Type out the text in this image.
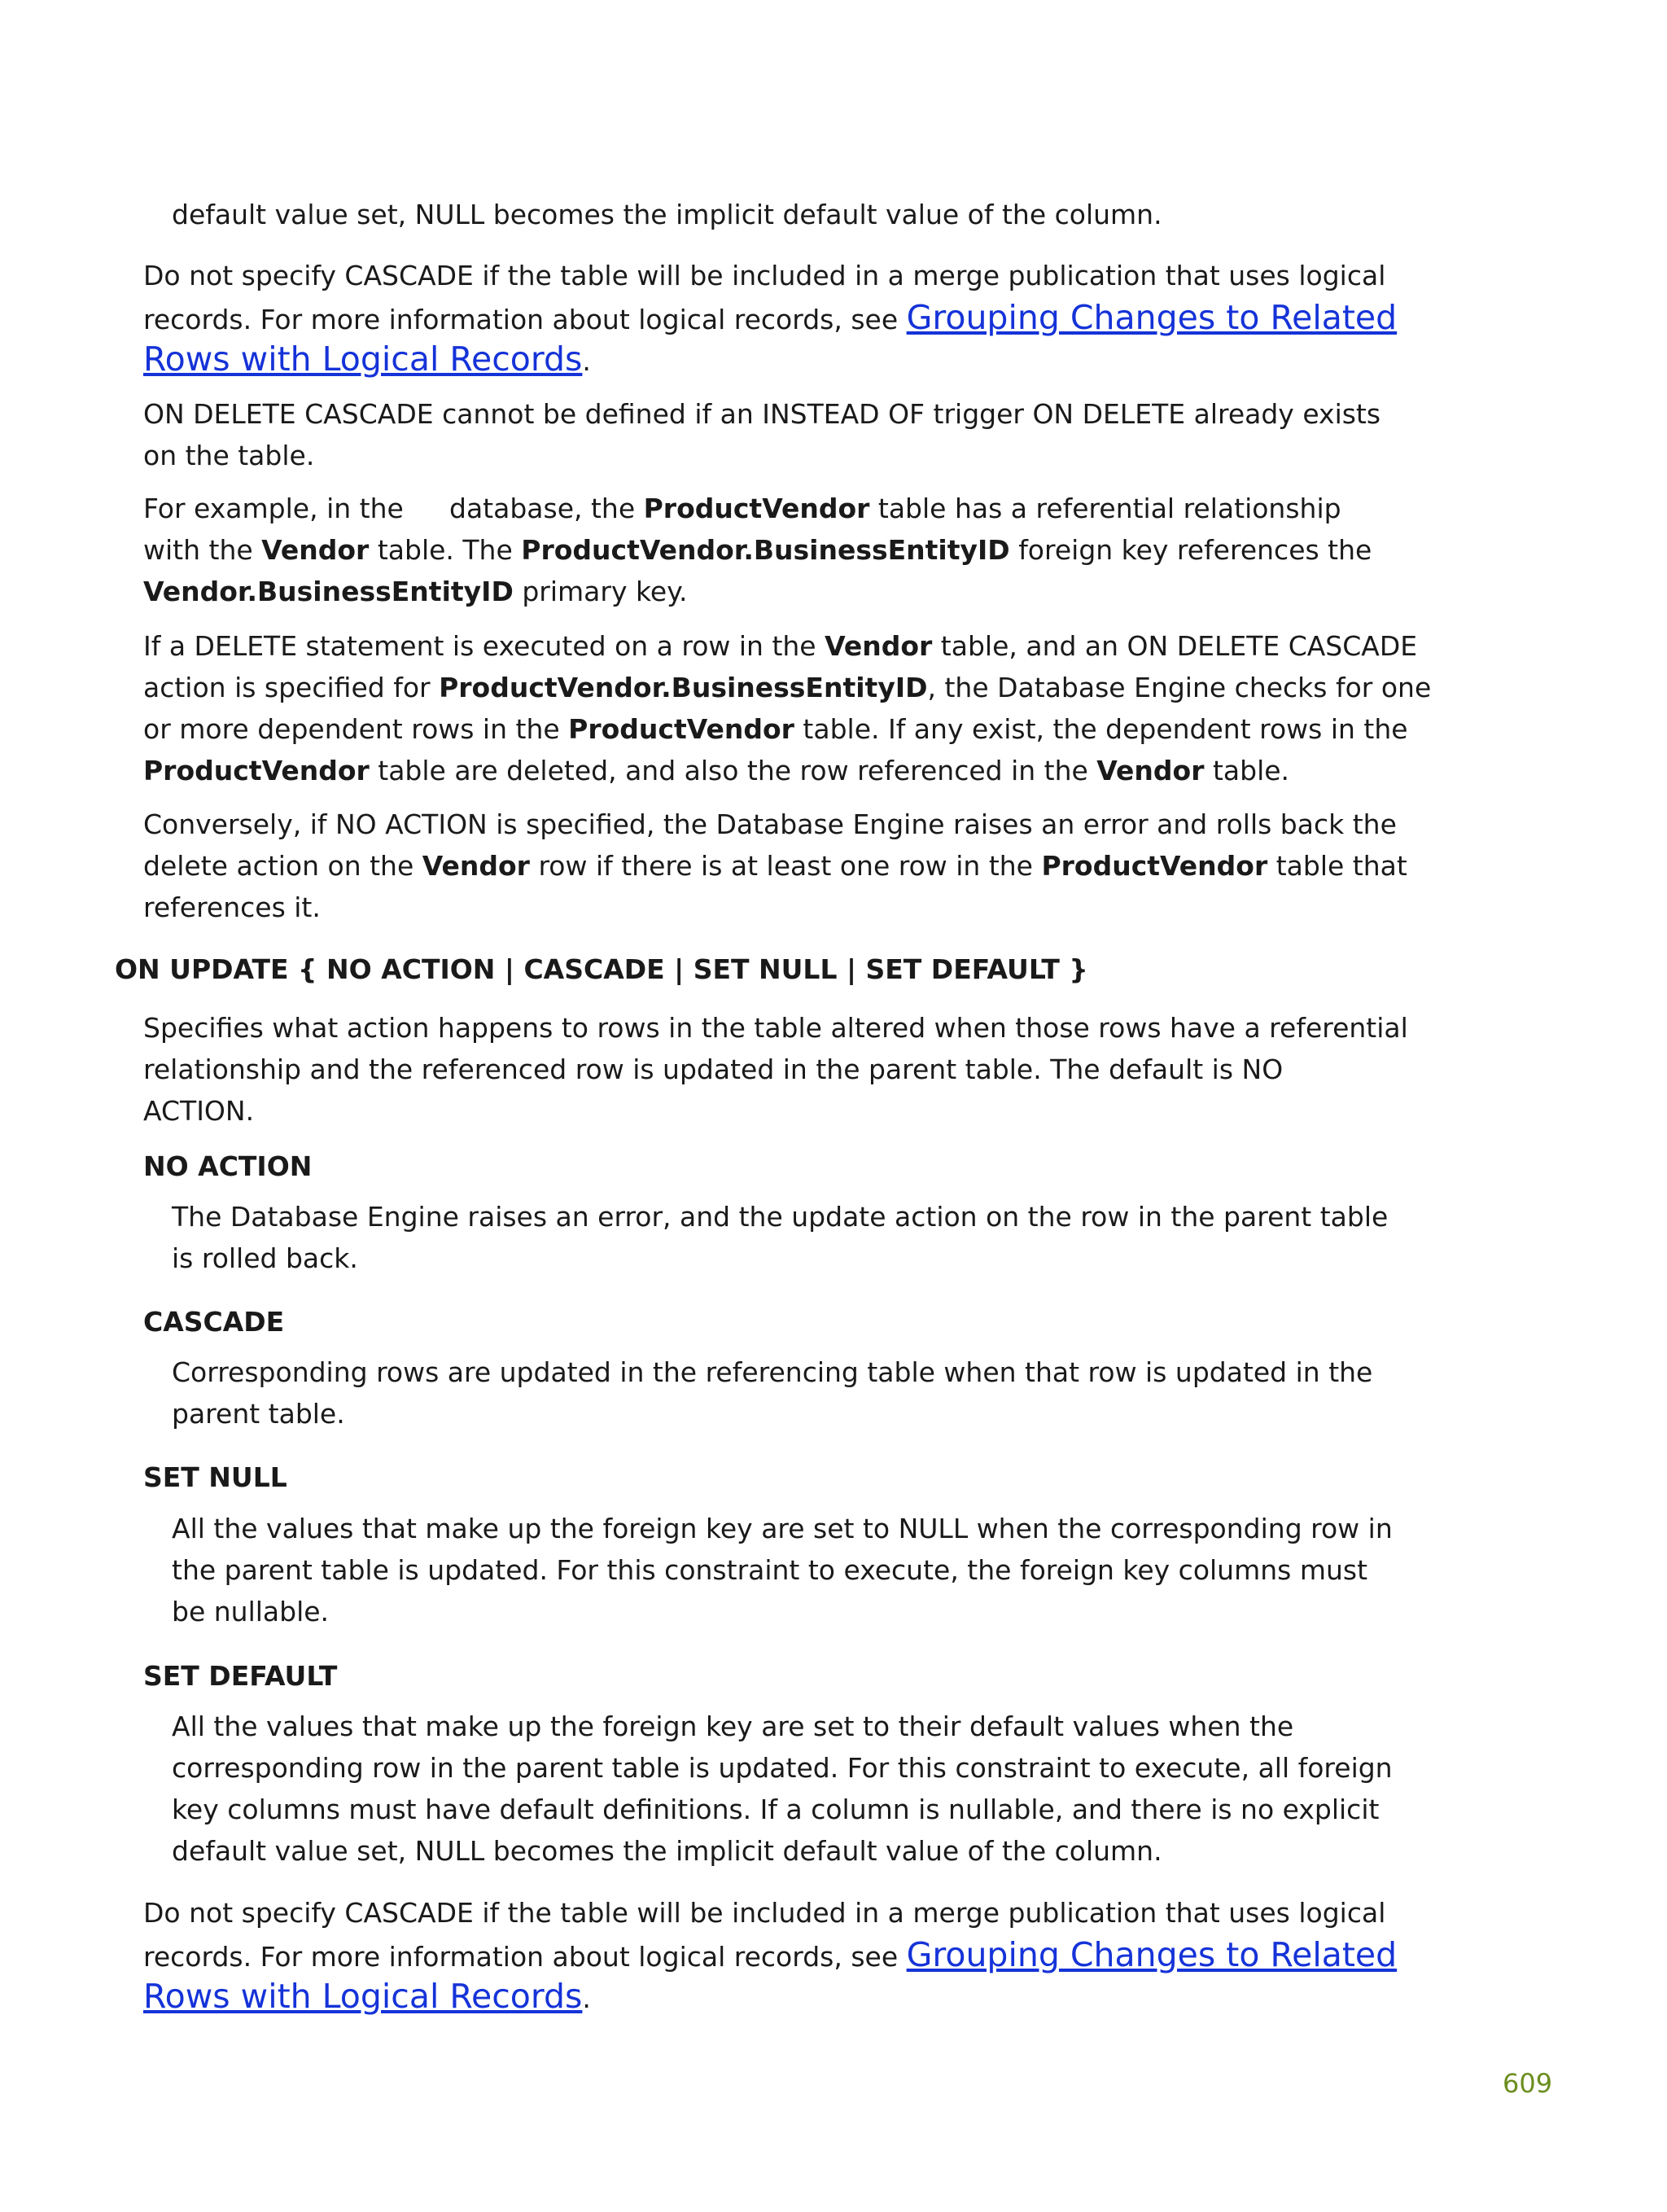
default value set, NULL becomes the implicit default value of the column.
Do not specify CASCADE if the table will be included in a merge publication that uses logical
records. For more information about logical records, see Grouping Changes to Related
Rows with Logical Records.
ON DELETE CASCADE cannot be defined if an INSTEAD OF trigger ON DELETE already exists
on the table.
For example, in the database, the ProductVendor table has a referential relationship
with the Vendor table. The ProductVendor.BusinessEntityID foreign key references the
Vendor.BusinessEntityID primary key.
If a DELETE statement is executed on a row in the Vendor table, and an ON DELETE CASCADE
action is specified for ProductVendor.BusinessEntityID, the Database Engine checks for one
or more dependent rows in the ProductVendor table. If any exist, the dependent rows in the
ProductVendor table are deleted, and also the row referenced in the Vendor table.
Conversely, if NO ACTION is specified, the Database Engine raises an error and rolls back the
delete action on the Vendor row if there is at least one row in the ProductVendor table that
references it.
ON UPDATE { NO ACTION | CASCADE | SET NULL | SET DEFAULT }
Specifies what action happens to rows in the table altered when those rows have a referential
relationship and the referenced row is updated in the parent table. The default is NO
ACTION.
NO ACTION
The Database Engine raises an error, and the update action on the row in the parent table
is rolled back.
CASCADE
Corresponding rows are updated in the referencing table when that row is updated in the
parent table.
SET NULL
All the values that make up the foreign key are set to NULL when the corresponding row in
the parent table is updated. For this constraint to execute, the foreign key columns must
be nullable.
SET DEFAULT
All the values that make up the foreign key are set to their default values when the
corresponding row in the parent table is updated. For this constraint to execute, all foreign
key columns must have default definitions. If a column is nullable, and there is no explicit
default value set, NULL becomes the implicit default value of the column.
Do not specify CASCADE if the table will be included in a merge publication that uses logical
records. For more information about logical records, see Grouping Changes to Related
Rows with Logical Records.
609
